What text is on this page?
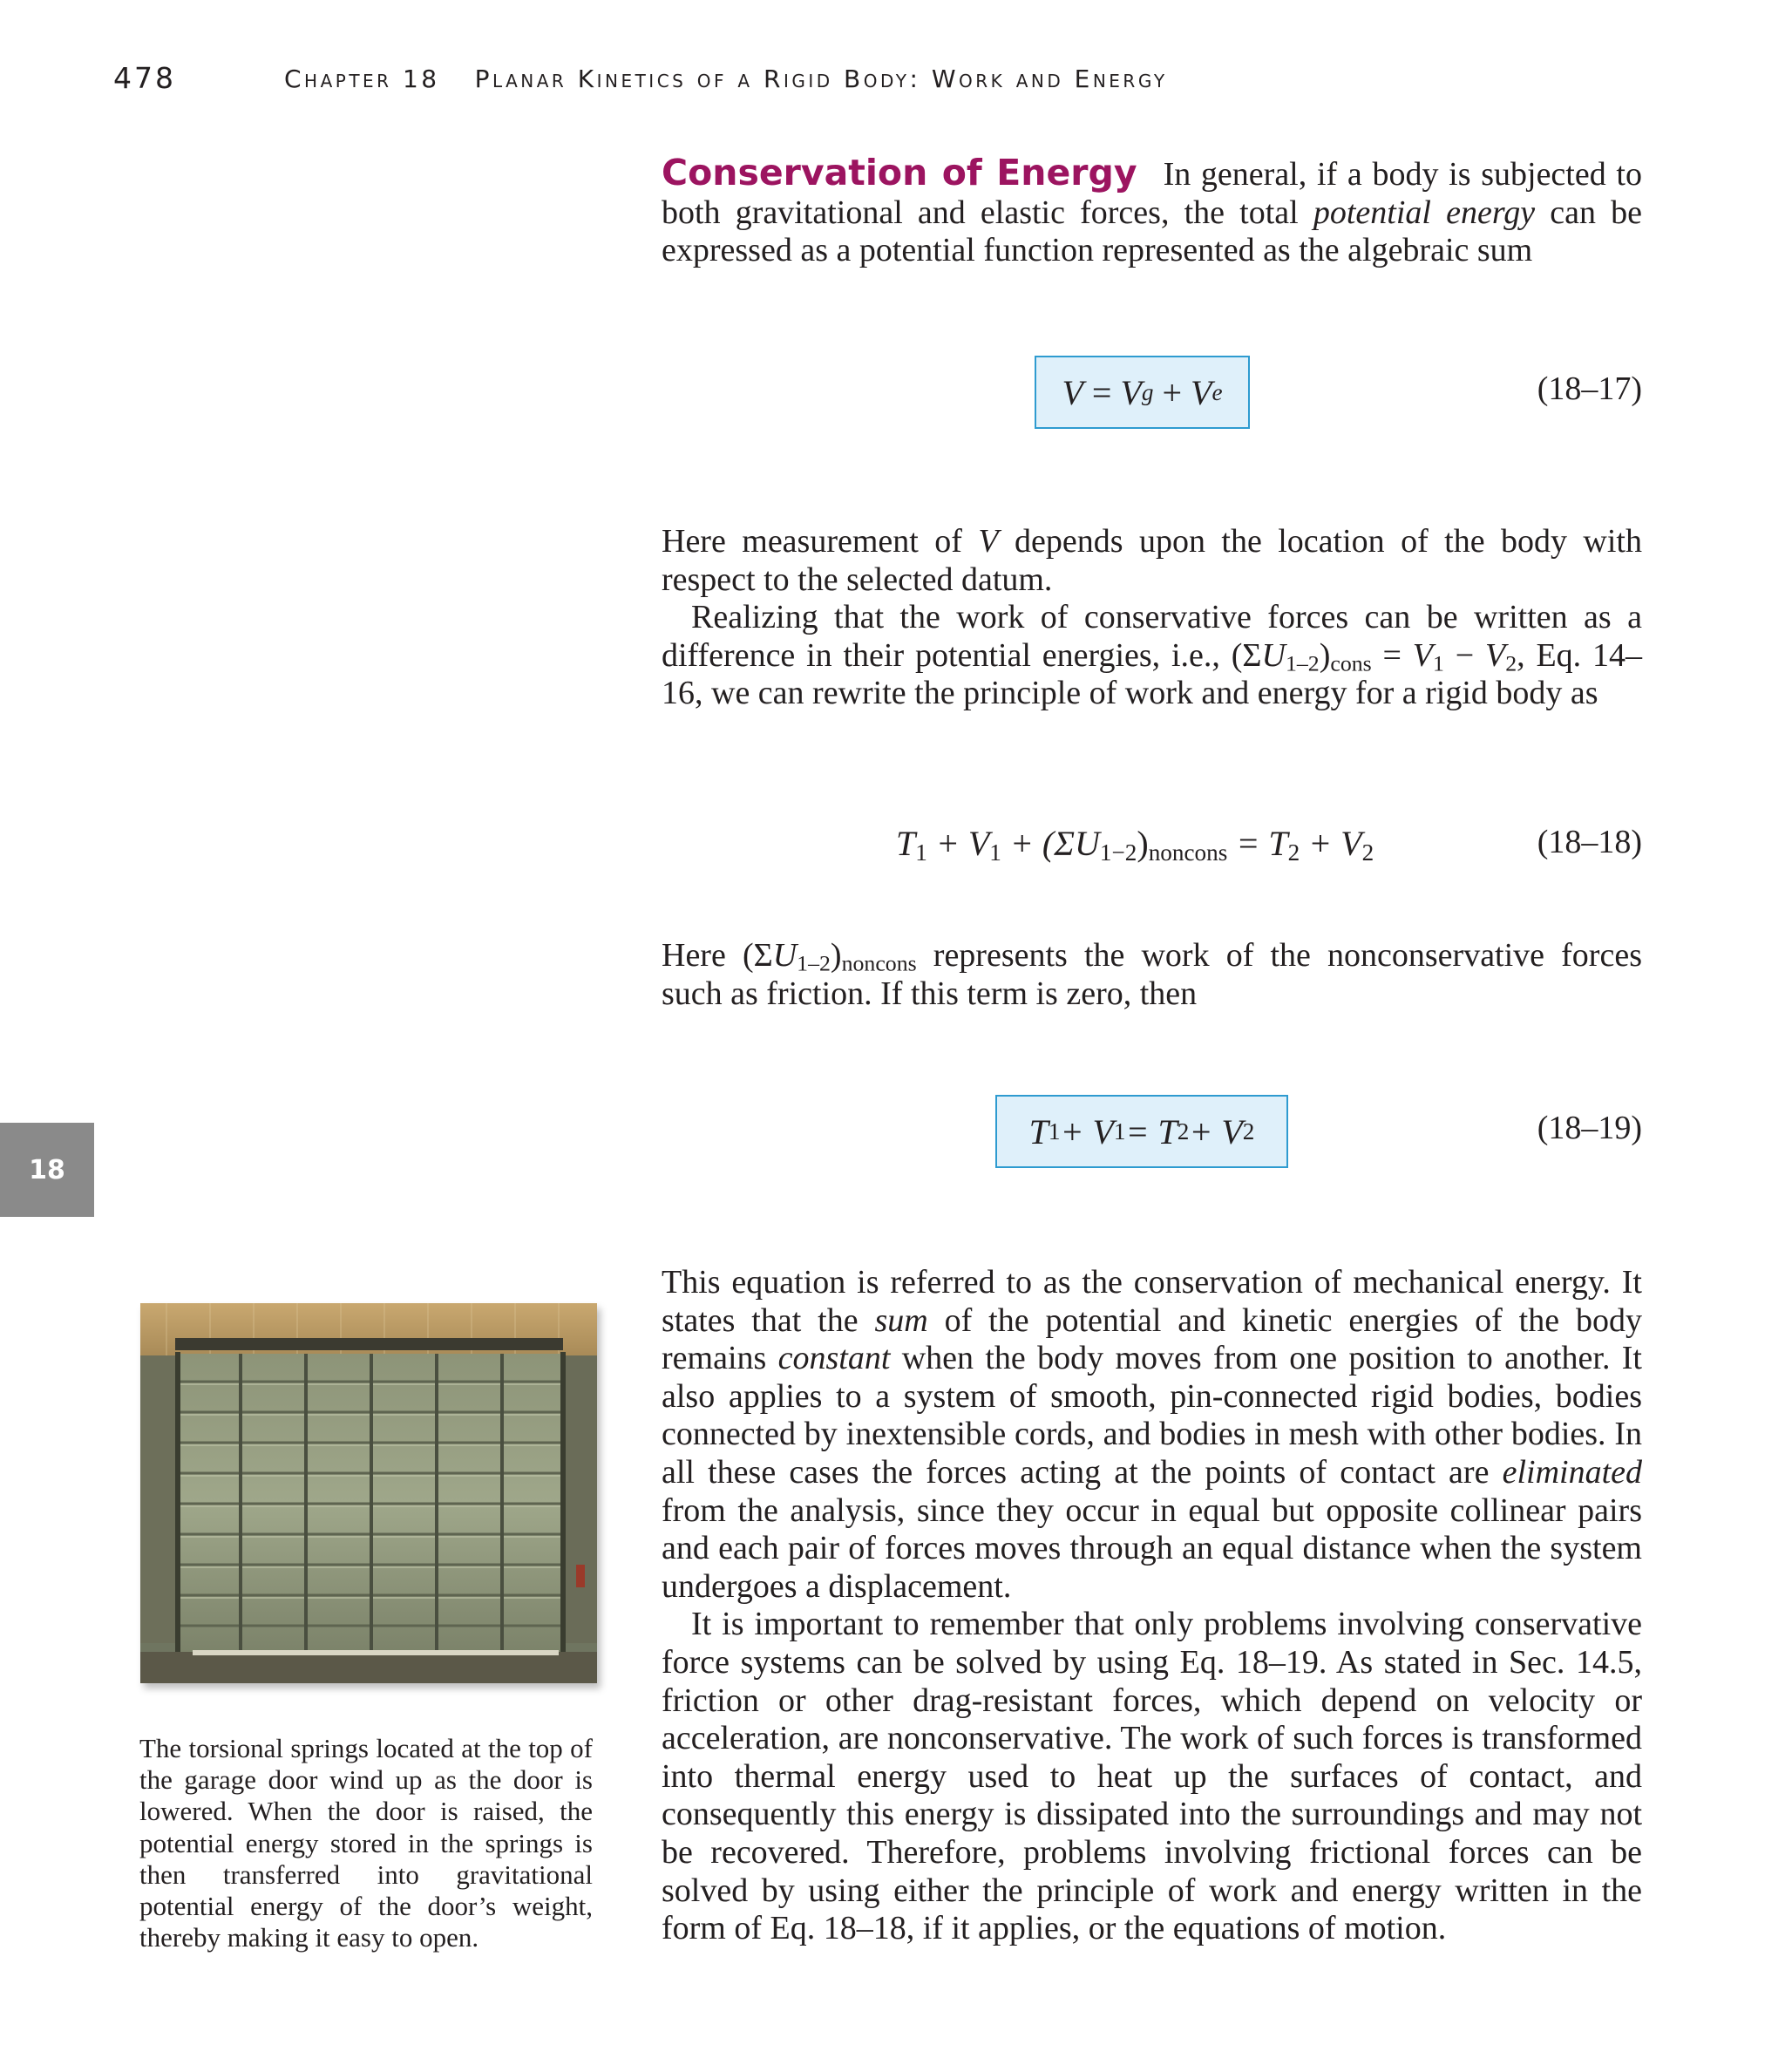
478	Chapter 18 Planar Kinetics of a Rigid Body: Work and Energy
18

Conservation of Energy In general, if a body is subjected to both gravitational and elastic forces, the total potential energy can be expressed as a potential function represented as the algebraic sum

V
=
V g
+
V e	(18–17)

Here measurement of V depends upon the location of the body with respect to the selected datum.

Realizing that the work of conservative forces can be written as a difference in their potential energies, i.e., $(\Sigma U_{1-2})_{cons} = V_1 - V_2$, Eq. 14–16, we can rewrite the principle of work and energy for a rigid body as

$T_1 + V_1 + (\Sigma U_{1-2})_{noncons} = T_2 + V_2$	(18–18)

Here $(\Sigma U_{1-2})_{noncons}$ represents the work of the nonconservative forces such as friction. If this term is zero, then

T 1 + V 1 = T 2 + V 2	(18–19)

This equation is referred to as the conservation of mechanical energy. It states that the sum of the potential and kinetic energies of the body remains constant when the body moves from one position to another. It also applies to a system of smooth, pin-connected rigid bodies, bodies connected by inextensible cords, and bodies in mesh with other bodies. In all these cases the forces acting at the points of contact are eliminated from the analysis, since they occur in equal but opposite collinear pairs and each pair of forces moves through an equal distance when the system undergoes a displacement.

It is important to remember that only problems involving conservative force systems can be solved by using Eq. 18–19. As stated in Sec. 14.5, friction or other drag-resistant forces, which depend on velocity or acceleration, are nonconservative. The work of such forces is transformed into thermal energy used to heat up the surfaces of contact, and consequently this energy is dissipated into the surroundings and may not be recovered. Therefore, problems involving frictional forces can be solved by using either the principle of work and energy written in the form of Eq. 18–18, if it applies, or the equations of motion.

The torsional springs located at the top of the garage door wind up as the door is lowered. When the door is raised, the potential energy stored in the springs is then transferred into gravitational potential energy of the door’s weight, thereby making it easy to open.
